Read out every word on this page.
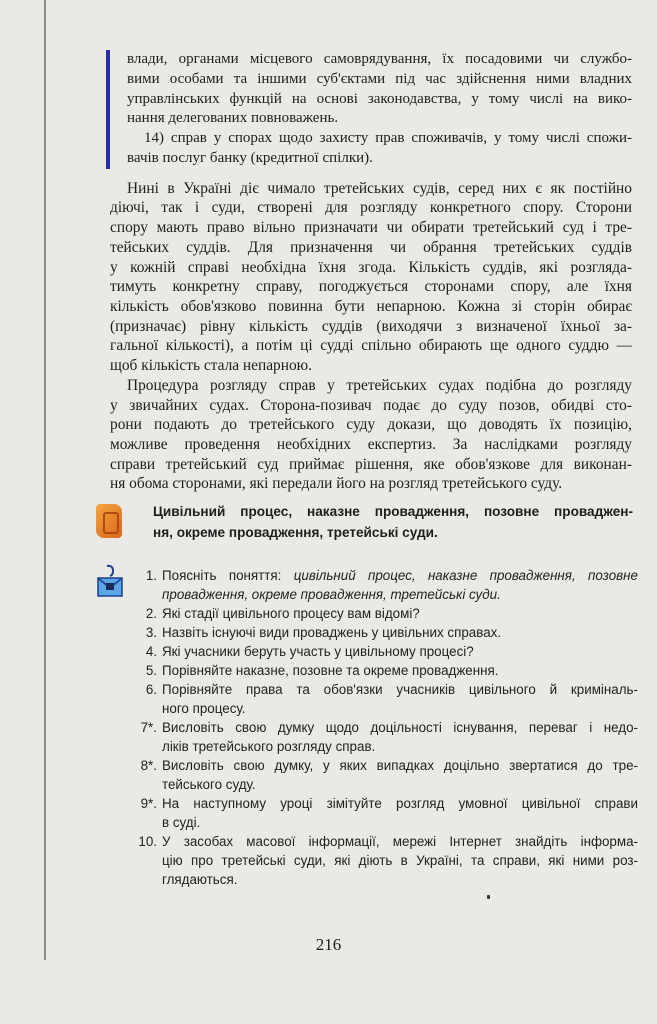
влади, органами місцевого самоврядування, їх посадовими чи службо-
вими особами та іншими суб'єктами під час здійснення ними владних
управлінських функцій на основі законодавства, у тому числі на вико-
нання делегованих повноважень.
14) справ у спорах щодо захисту прав споживачів, у тому числі спожи-
вачів послуг банку (кредитної спілки).
Нині в Україні діє чимало третейських судів, серед них є як постійно
діючі, так і суди, створені для розгляду конкретного спору. Сторони
спору мають право вільно призначати чи обирати третейський суд і тре-
тейських суддів. Для призначення чи обрання третейських суддів
у кожній справі необхідна їхня згода. Кількість суддів, які розгляда-
тимуть конкретну справу, погоджується сторонами спору, але їхня
кількість обов'язково повинна бути непарною. Кожна зі сторін обирає
(призначає) рівну кількість суддів (виходячи з визначеної їхньої за-
гальної кількості), а потім ці судді спільно обирають ще одного суддю —
щоб кількість стала непарною.
Процедура розгляду справ у третейських судах подібна до розгляду
у звичайних судах. Сторона-позивач подає до суду позов, обидві сто-
рони подають до третейського суду докази, що доводять їх позицію,
можливе проведення необхідних експертиз. За наслідками розгляду
справи третейський суд приймає рішення, яке обов'язкове для виконан-
ня обома сторонами, які передали його на розгляд третейського суду.
Цивільний процес, наказне провадження, позовне проваджен-
ня, окреме провадження, третейські суди.
1. Поясніть поняття: цивільний процес, наказне провадження, позовне
провадження, окреме провадження, третейські суди.
2. Які стадії цивільного процесу вам відомі?
3. Назвіть існуючі види проваджень у цивільних справах.
4. Які учасники беруть участь у цивільному процесі?
5. Порівняйте наказне, позовне та окреме провадження.
6. Порівняйте права та обов'язки учасників цивільного й криміналь-
ного процесу.
7*. Висловіть свою думку щодо доцільності існування, переваг і недо-
ліків третейського розгляду справ.
8*. Висловіть свою думку, у яких випадках доцільно звертатися до тре-
тейського суду.
9*. На наступному уроці зімітуйте розгляд умовної цивільної справи
в суді.
10. У засобах масової інформації, мережі Інтернет знайдіть інформа-
цію про третейські суди, які діють в Україні, та справи, які ними роз-
глядаються.
216
